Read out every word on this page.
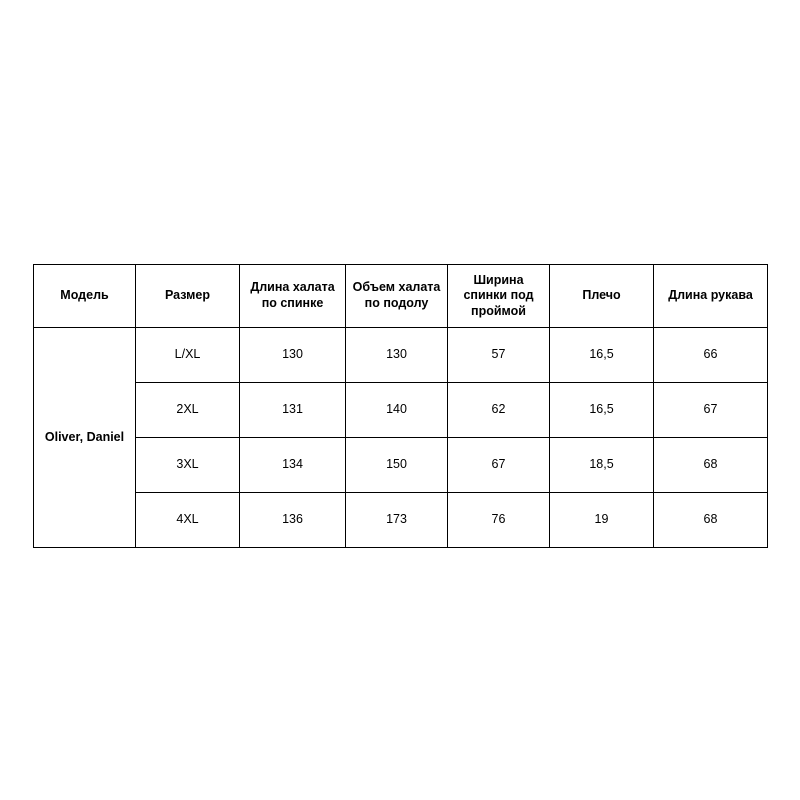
Модель	Размер	Длина халата по спинке	Объем халата по подолу	Ширина спинки под проймой	Плечо	Длина рукава
Oliver, Daniel	L/XL	130	130	57	16,5	66
	2XL	131	140	62	16,5	67
	3XL	134	150	67	18,5	68
	4XL	136	173	76	19	68
